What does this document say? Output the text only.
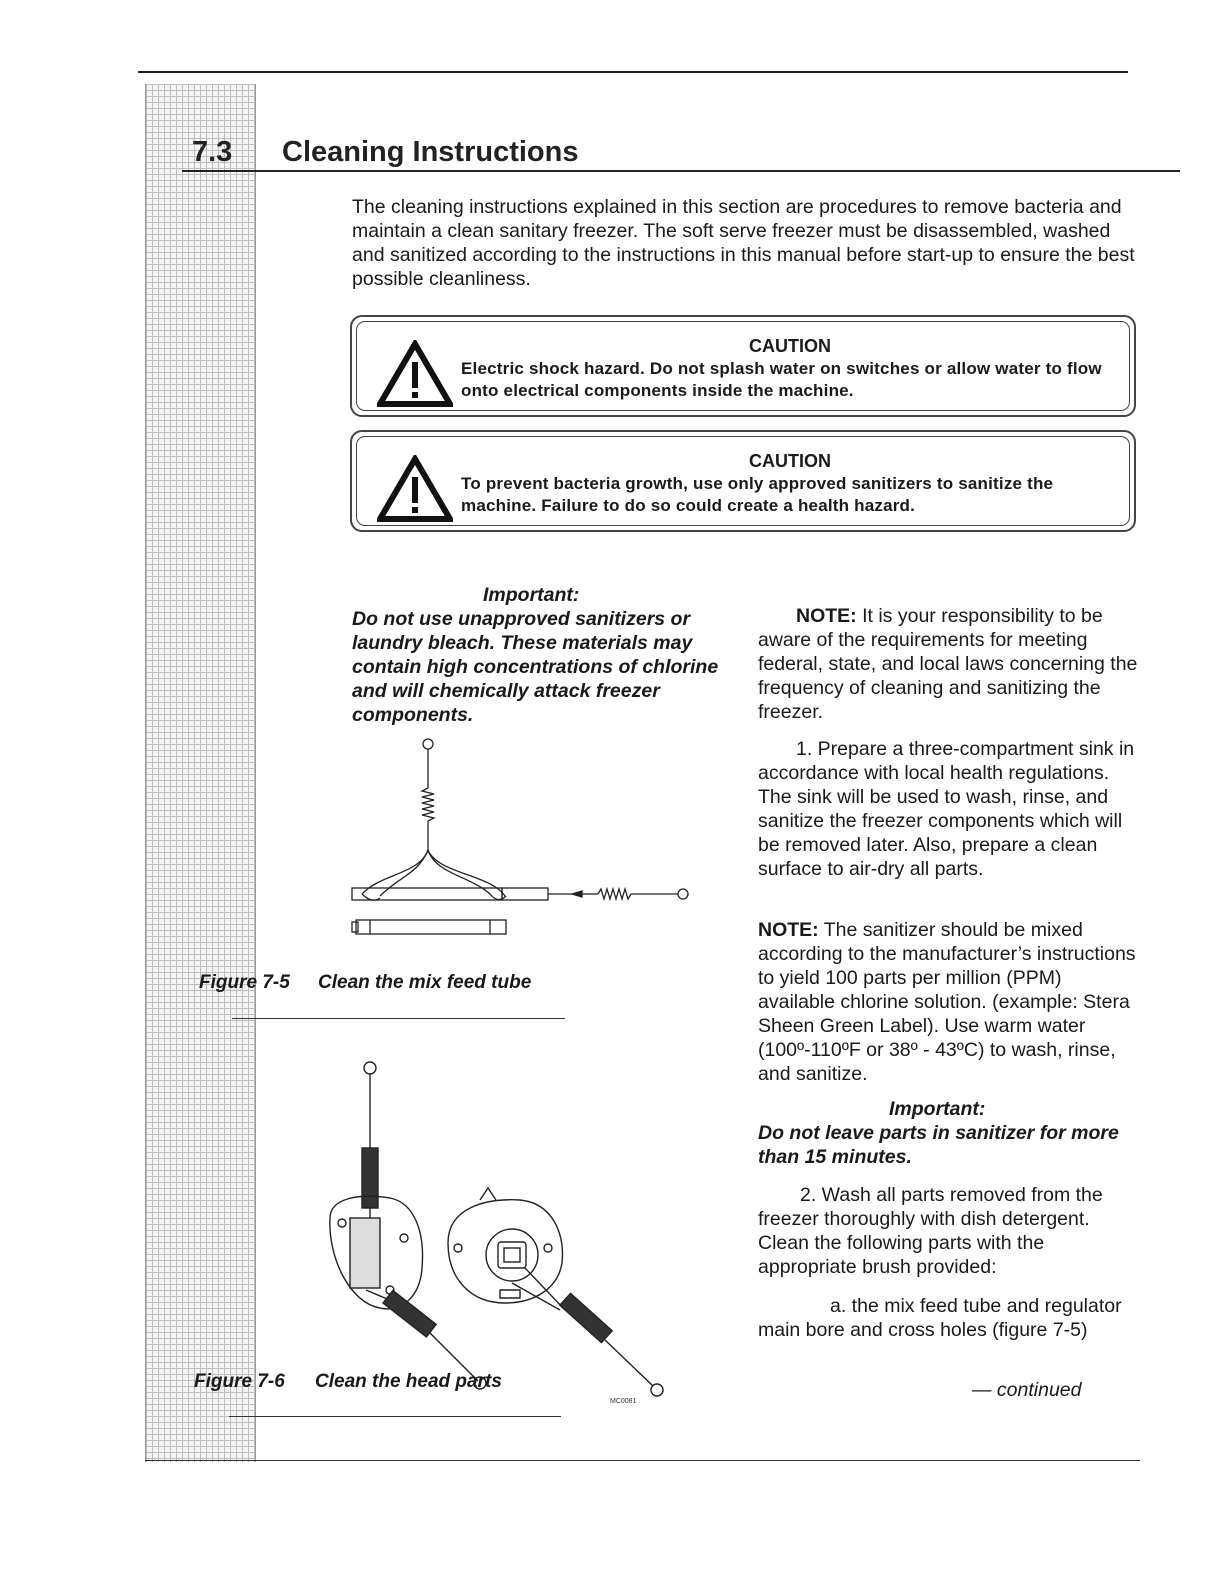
7.3 Cleaning Instructions

The cleaning instructions explained in this section are procedures to remove bacteria and maintain a clean sanitary freezer. The soft serve freezer must be disassembled, washed and sanitized according to the instructions in this manual before start-up to ensure the best possible cleanliness.

CAUTION
Electric shock hazard. Do not splash water on switches or allow water to flow onto electrical components inside the machine.
CAUTION
To prevent bacteria growth, use only approved sanitizers to sanitize the machine. Failure to do so could create a health hazard.
Important:

Do not use unapproved sanitizers or laundry bleach. These materials may contain high concentrations of chlorine and will chemically attack freezer components.

Figure 7-5 Clean the mix feed tube
MC0081
Figure 7-6 Clean the head parts

NOTE: It is your responsibility to be aware of the requirements for meeting federal, state, and local laws concerning the frequency of cleaning and sanitizing the freezer.

1. Prepare a three-compartment sink in accordance with local health regulations. The sink will be used to wash, rinse, and sanitize the freezer components which will be removed later. Also, prepare a clean surface to air-dry all parts.

NOTE: The sanitizer should be mixed according to the manufacturer’s instructions to yield 100 parts per million (PPM) available chlorine solution. (example: Stera Sheen Green Label). Use warm water (100º-110ºF or 38º - 43ºC) to wash, rinse, and sanitize.

Important:

Do not leave parts in sanitizer for more than 15 minutes.

2. Wash all parts removed from the freezer thoroughly with dish detergent. Clean the following parts with the appropriate brush provided:

a. the mix feed tube and regulator main bore and cross holes (figure 7-5)

— continued
